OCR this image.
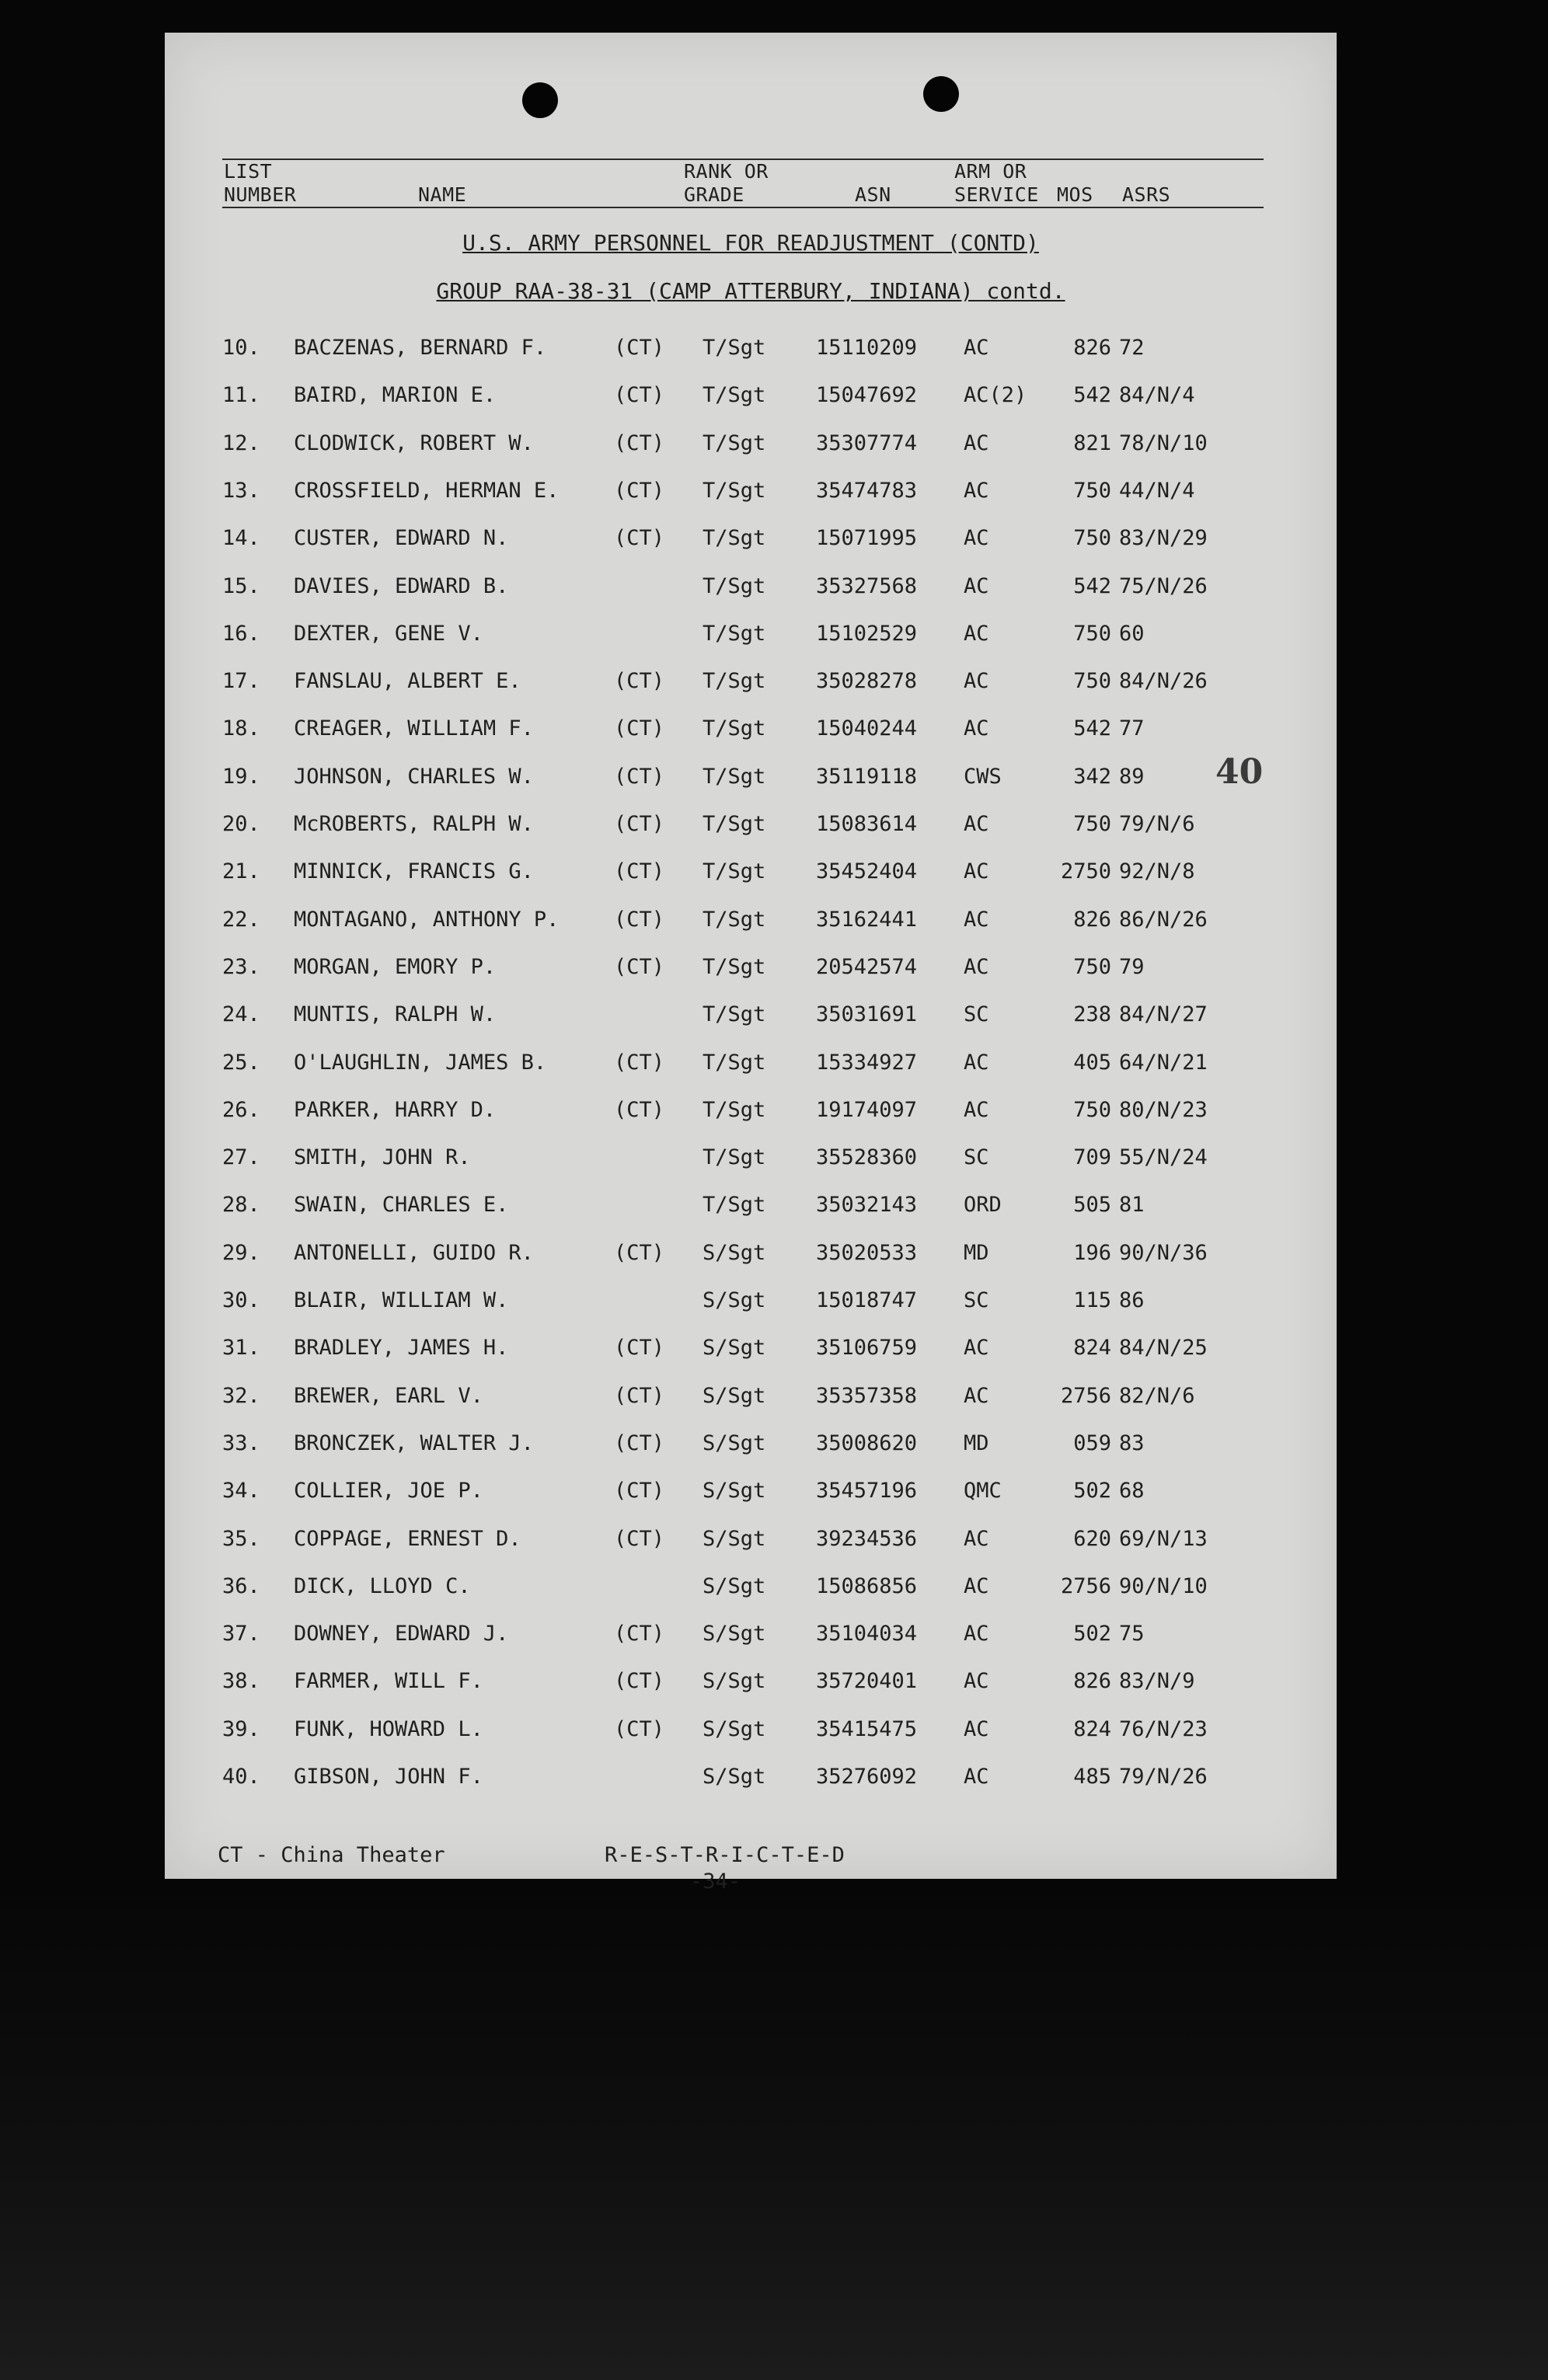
LIST
NUMBER	NAME
RANK OR
GRADE	ASN
ARM OR
SERVICE MOS ASRS
U.S. ARMY PERSONNEL FOR READJUSTMENT (CONTD)
GROUP RAA-38-31 (CAMP ATTERBURY, INDIANA) contd.
10. BACZENAS, BERNARD F.	(CT) T/Sgt 15110209 AC	826 72
11. BAIRD, MARION E.	(CT) T/Sgt 15047692 AC(2)	542 84/N/4
12. CLODWICK, ROBERT W.	(CT) T/Sgt 35307774 AC	821 78/N/10
13. CROSSFIELD, HERMAN E.	(CT) T/Sgt 35474783 AC	750 44/N/4
14. CUSTER, EDWARD N.	(CT) T/Sgt 15071995 AC	750 83/N/29
15. DAVIES, EDWARD B.	T/Sgt 35327568 AC	542 75/N/26
16. DEXTER, GENE V.	T/Sgt 15102529 AC	750 60
17. FANSLAU, ALBERT E.	(CT) T/Sgt 35028278 AC	750 84/N/26
18. CREAGER, WILLIAM F.	(CT) T/Sgt 15040244 AC	542 77
19. JOHNSON, CHARLES W.	(CT) T/Sgt 35119118 CWS	342 89
20. McROBERTS, RALPH W.	(CT) T/Sgt 15083614 AC	750 79/N/6
21. MINNICK, FRANCIS G.	(CT) T/Sgt 35452404 AC	2750 92/N/8
22. MONTAGANO, ANTHONY P.	(CT) T/Sgt 35162441 AC	826 86/N/26
23. MORGAN, EMORY P.	(CT) T/Sgt 20542574 AC	750 79
24. MUNTIS, RALPH W.	T/Sgt 35031691 SC	238 84/N/27
25. O'LAUGHLIN, JAMES B.	(CT) T/Sgt 15334927 AC	405 64/N/21
26. PARKER, HARRY D.	(CT) T/Sgt 19174097 AC	750 80/N/23
27. SMITH, JOHN R.	T/Sgt 35528360 SC	709 55/N/24
28. SWAIN, CHARLES E.	T/Sgt 35032143 ORD	505 81
29. ANTONELLI, GUIDO R.	(CT) S/Sgt 35020533 MD	196 90/N/36
30. BLAIR, WILLIAM W.	S/Sgt 15018747 SC	115 86
31. BRADLEY, JAMES H.	(CT) S/Sgt 35106759 AC	824 84/N/25
32. BREWER, EARL V.	(CT) S/Sgt 35357358 AC	2756 82/N/6
33. BRONCZEK, WALTER J.	(CT) S/Sgt 35008620 MD	059 83
34. COLLIER, JOE P.	(CT) S/Sgt 35457196 QMC	502 68
35. COPPAGE, ERNEST D.	(CT) S/Sgt 39234536 AC	620 69/N/13
36. DICK, LLOYD C.	S/Sgt 15086856 AC	2756 90/N/10
37. DOWNEY, EDWARD J.	(CT) S/Sgt 35104034 AC	502 75
38. FARMER, WILL F.	(CT) S/Sgt 35720401 AC	826 83/N/9
39. FUNK, HOWARD L.	(CT) S/Sgt 35415475 AC	824 76/N/23
40. GIBSON, JOHN F.	S/Sgt 35276092 AC	485 79/N/26
40
CT - China Theater	R-E-S-T-R-I-C-T-E-D
-34-
